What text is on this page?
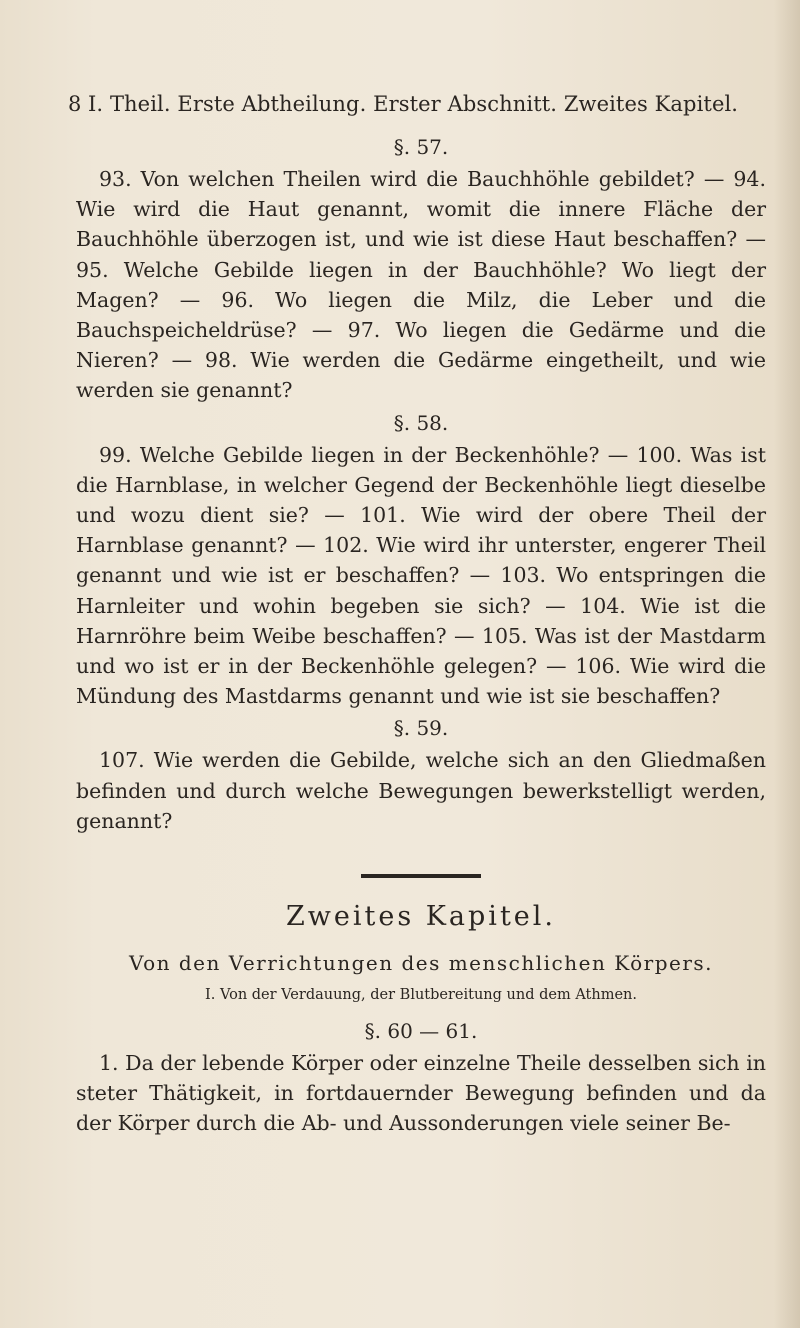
8 I. Theil. Erste Abtheilung. Erster Abschnitt. Zweites Kapitel.

§. 57.

93. Von welchen Theilen wird die Bauchhöhle gebildet? — 94. Wie wird die Haut genannt, womit die innere Fläche der Bauchhöhle überzogen ist, und wie ist diese Haut beschaffen? — 95. Welche Gebilde liegen in der Bauchhöhle? Wo liegt der Magen? — 96. Wo liegen die Milz, die Leber und die Bauchspeicheldrüse? — 97. Wo liegen die Gedärme und die Nieren? — 98. Wie werden die Gedärme eingetheilt, und wie werden sie genannt?

§. 58.

99. Welche Gebilde liegen in der Beckenhöhle? — 100. Was ist die Harnblase, in welcher Gegend der Beckenhöhle liegt dieselbe und wozu dient sie? — 101. Wie wird der obere Theil der Harnblase genannt? — 102. Wie wird ihr unterster, engerer Theil genannt und wie ist er beschaffen? — 103. Wo entspringen die Harnleiter und wohin begeben sie sich? — 104. Wie ist die Harnröhre beim Weibe beschaffen? — 105. Was ist der Mastdarm und wo ist er in der Beckenhöhle gelegen? — 106. Wie wird die Mündung des Mastdarms genannt und wie ist sie beschaffen?

§. 59.

107. Wie werden die Gebilde, welche sich an den Gliedmaßen befinden und durch welche Bewegungen bewerkstelligt werden, genannt?

Zweites Kapitel.

Von den Verrichtungen des menschlichen Körpers.

I. Von der Verdauung, der Blutbereitung und dem Athmen.

§. 60 — 61.

1. Da der lebende Körper oder einzelne Theile desselben sich in steter Thätigkeit, in fortdauernder Bewegung befinden und da der Körper durch die Ab- und Aussonderungen viele seiner Be-
